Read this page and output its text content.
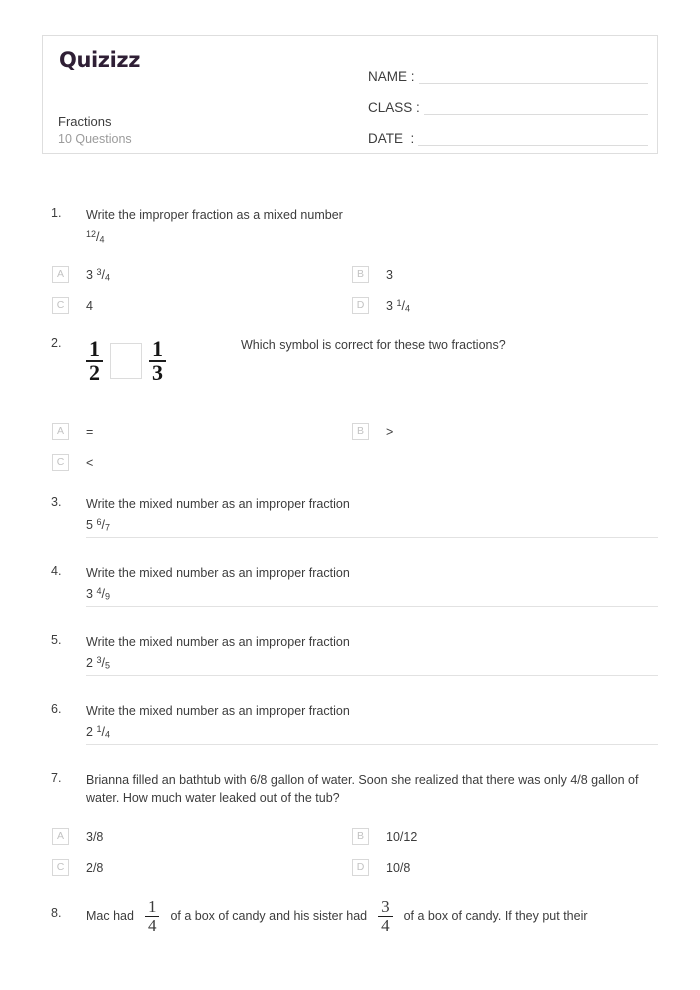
Quizizz
Fractions
10 Questions
NAME :
CLASS :
DATE  :
1. Write the improper fraction as a mixed number
$^{12}/_4$
A	3 $^3/_4$	B	3
C	4	D	3 $^1/_4$
2. $\frac{1}{2} \frac{1}{3}$	Which symbol is correct for these two fractions?
A	=	B	>
C	<
3. Write the mixed number as an improper fraction
5 $^6/_7$
4. Write the mixed number as an improper fraction
3 $^4/_9$
5. Write the mixed number as an improper fraction
2 $^3/_5$
6. Write the mixed number as an improper fraction
2 $^1/_4$
7.	Brianna filled an bathtub with 6/8 gallon of water. Soon she realized that there was only 4/8 gallon of water. How much water leaked out of the tub?
A	3/8	B	10/12
C	2/8	D	10/8
8. Mac had $\frac{1}{4}$ of a box of candy and his sister had $\frac{3}{4}$ of a box of candy. If they put their
